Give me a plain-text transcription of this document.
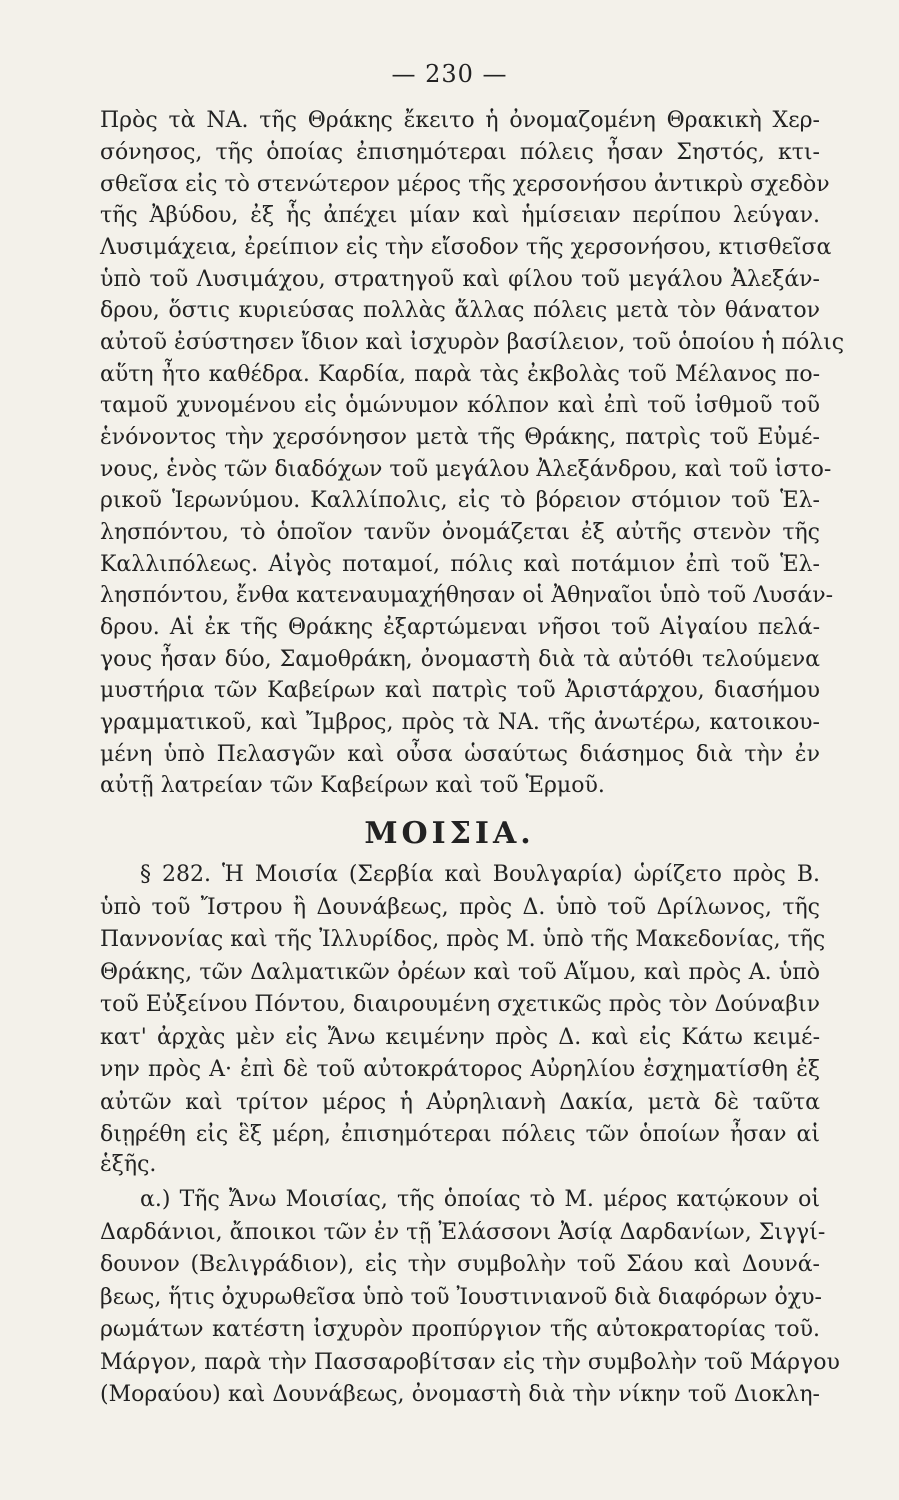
— 230 —
Πρὸς τὰ ΝΑ. τῆς Θράκης ἔκειτο ἡ ὀνομαζομένη Θρακικὴ Χερ-
σόνησος, τῆς ὁποίας ἐπισημότεραι πόλεις ἦσαν Σηστός, κτι-
σθεῖσα εἰς τὸ στενώτερον μέρος τῆς χερσονήσου ἀντικρὺ σχεδὸν
τῆς Ἀβύδου, ἐξ ἧς ἀπέχει μίαν καὶ ἡμίσειαν περίπου λεύγαν.
Λυσιμάχεια, ἐρείπιον εἰς τὴν εἴσοδον τῆς χερσονήσου, κτισθεῖσα
ὑπὸ τοῦ Λυσιμάχου, στρατηγοῦ καὶ φίλου τοῦ μεγάλου Ἀλεξάν-
δρου, ὅστις κυριεύσας πολλὰς ἄλλας πόλεις μετὰ τὸν θάνατον
αὐτοῦ ἐσύστησεν ἴδιον καὶ ἰσχυρὸν βασίλειον, τοῦ ὁποίου ἡ πόλις
αὕτη ἦτο καθέδρα. Καρδία, παρὰ τὰς ἐκβολὰς τοῦ Μέλανος πο-
ταμοῦ χυνομένου εἰς ὁμώνυμον κόλπον καὶ ἐπὶ τοῦ ἰσθμοῦ τοῦ
ἑνόνοντος τὴν χερσόνησον μετὰ τῆς Θράκης, πατρὶς τοῦ Εὐμέ-
νους, ἑνὸς τῶν διαδόχων τοῦ μεγάλου Ἀλεξάνδρου, καὶ τοῦ ἱστο-
ρικοῦ Ἱερωνύμου. Καλλίπολις, εἰς τὸ βόρειον στόμιον τοῦ Ἑλ-
λησπόντου, τὸ ὁποῖον τανῦν ὀνομάζεται ἐξ αὐτῆς στενὸν τῆς
Καλλιπόλεως. Αἰγὸς ποταμοί, πόλις καὶ ποτάμιον ἐπὶ τοῦ Ἑλ-
λησπόντου, ἔνθα κατεναυμαχήθησαν οἱ Ἀθηναῖοι ὑπὸ τοῦ Λυσάν-
δρου. Αἱ ἐκ τῆς Θράκης ἐξαρτώμεναι νῆσοι τοῦ Αἰγαίου πελά-
γους ἦσαν δύο, Σαμοθράκη, ὀνομαστὴ διὰ τὰ αὐτόθι τελούμενα
μυστήρια τῶν Καβείρων καὶ πατρὶς τοῦ Ἀριστάρχου, διασήμου
γραμματικοῦ, καὶ Ἴμβρος, πρὸς τὰ ΝΑ. τῆς ἀνωτέρω, κατοικου-
μένη ὑπὸ Πελασγῶν καὶ οὖσα ὡσαύτως διάσημος διὰ τὴν ἐν
αὐτῇ λατρείαν τῶν Καβείρων καὶ τοῦ Ἑρμοῦ.
ΜΟΙΣΙΑ.
§ 282. Ἡ Μοισία (Σερβία καὶ Βουλγαρία) ὡρίζετο πρὸς Β.
ὑπὸ τοῦ Ἴστρου ἢ Δουνάβεως, πρὸς Δ. ὑπὸ τοῦ Δρίλωνος, τῆς
Παννονίας καὶ τῆς Ἰλλυρίδος, πρὸς Μ. ὑπὸ τῆς Μακεδονίας, τῆς
Θράκης, τῶν Δαλματικῶν ὀρέων καὶ τοῦ Αἵμου, καὶ πρὸς Α. ὑπὸ
τοῦ Εὐξείνου Πόντου, διαιρουμένη σχετικῶς πρὸς τὸν Δούναβιν
κατ' ἀρχὰς μὲν εἰς Ἄνω κειμένην πρὸς Δ. καὶ εἰς Κάτω κειμέ-
νην πρὸς Α· ἐπὶ δὲ τοῦ αὐτοκράτορος Αὐρηλίου ἐσχηματίσθη ἐξ
αὐτῶν καὶ τρίτον μέρος ἡ Αὐρηλιανὴ Δακία, μετὰ δὲ ταῦτα
διῃρέθη εἰς ἓξ μέρη, ἐπισημότεραι πόλεις τῶν ὁποίων ἦσαν αἱ
ἑξῆς.
α.) Τῆς Ἄνω Μοισίας, τῆς ὁποίας τὸ Μ. μέρος κατῴκουν οἱ
Δαρδάνιοι, ἄποικοι τῶν ἐν τῇ Ἐλάσσονι Ἀσίᾳ Δαρδανίων, Σιγγί-
δουνον (Βελιγράδιον), εἰς τὴν συμβολὴν τοῦ Σάου καὶ Δουνά-
βεως, ἥτις ὀχυρωθεῖσα ὑπὸ τοῦ Ἰουστινιανοῦ διὰ διαφόρων ὀχυ-
ρωμάτων κατέστη ἰσχυρὸν προπύργιον τῆς αὐτοκρατορίας τοῦ.
Μάργον, παρὰ τὴν Πασσαροβίτσαν εἰς τὴν συμβολὴν τοῦ Μάργου
(Μοραύου) καὶ Δουνάβεως, ὀνομαστὴ διὰ τὴν νίκην τοῦ Διοκλη-
